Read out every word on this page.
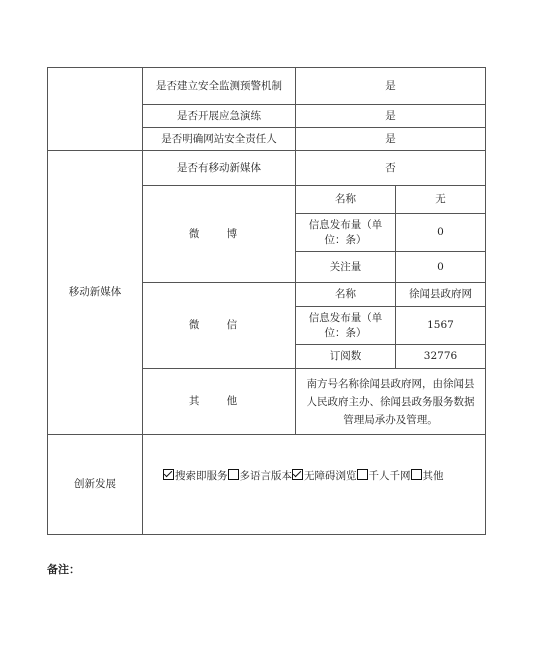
	是否建立安全监测预警机制	是	
	是否开展应急演练	是	
	是否明确网站安全责任人	是	
移动新媒体	是否有移动新媒体	否	
	微 博	名称	无
		信息发布量（单位：条）	0
		关注量	0
	微 信	名称	徐闻县政府网
		信息发布量（单位：条）	1567
		订阅数	32776
	其 他	南方号名称徐闻县政府网，由徐闻县人民政府主办、徐闻县政务服务数据管理局承办及管理。	
创新发展	搜索即服务 多语言版本 无障碍浏览 千人千网 其他		
备注：
